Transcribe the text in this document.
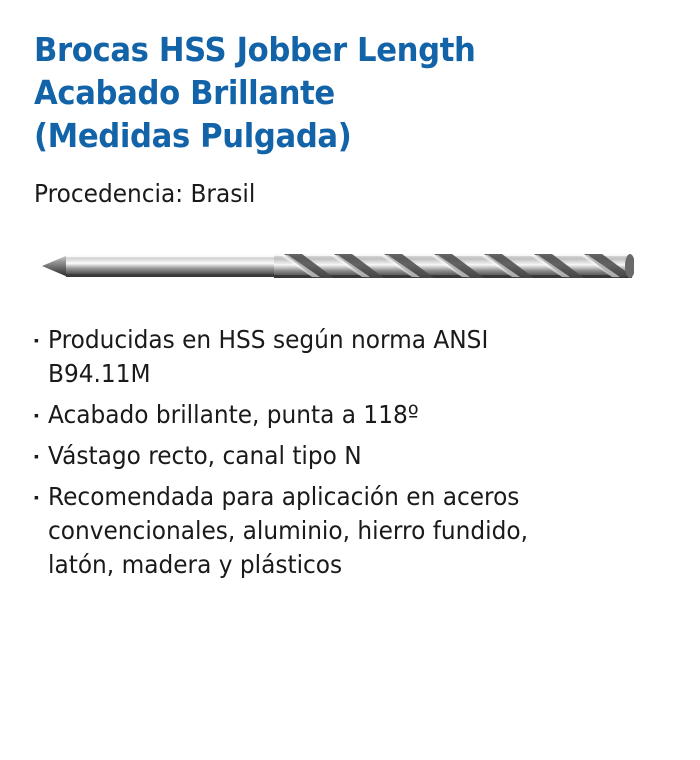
Brocas HSS Jobber Length
Acabado Brillante
(Medidas Pulgada)
Procedencia: Brasil
▪ Producidas en HSS según norma ANSI B94.11M
▪ Acabado brillante, punta a 118º
▪ Vástago recto, canal tipo N
▪ Recomendada para aplicación en aceros convencionales, aluminio, hierro fundido, latón, madera y plásticos
